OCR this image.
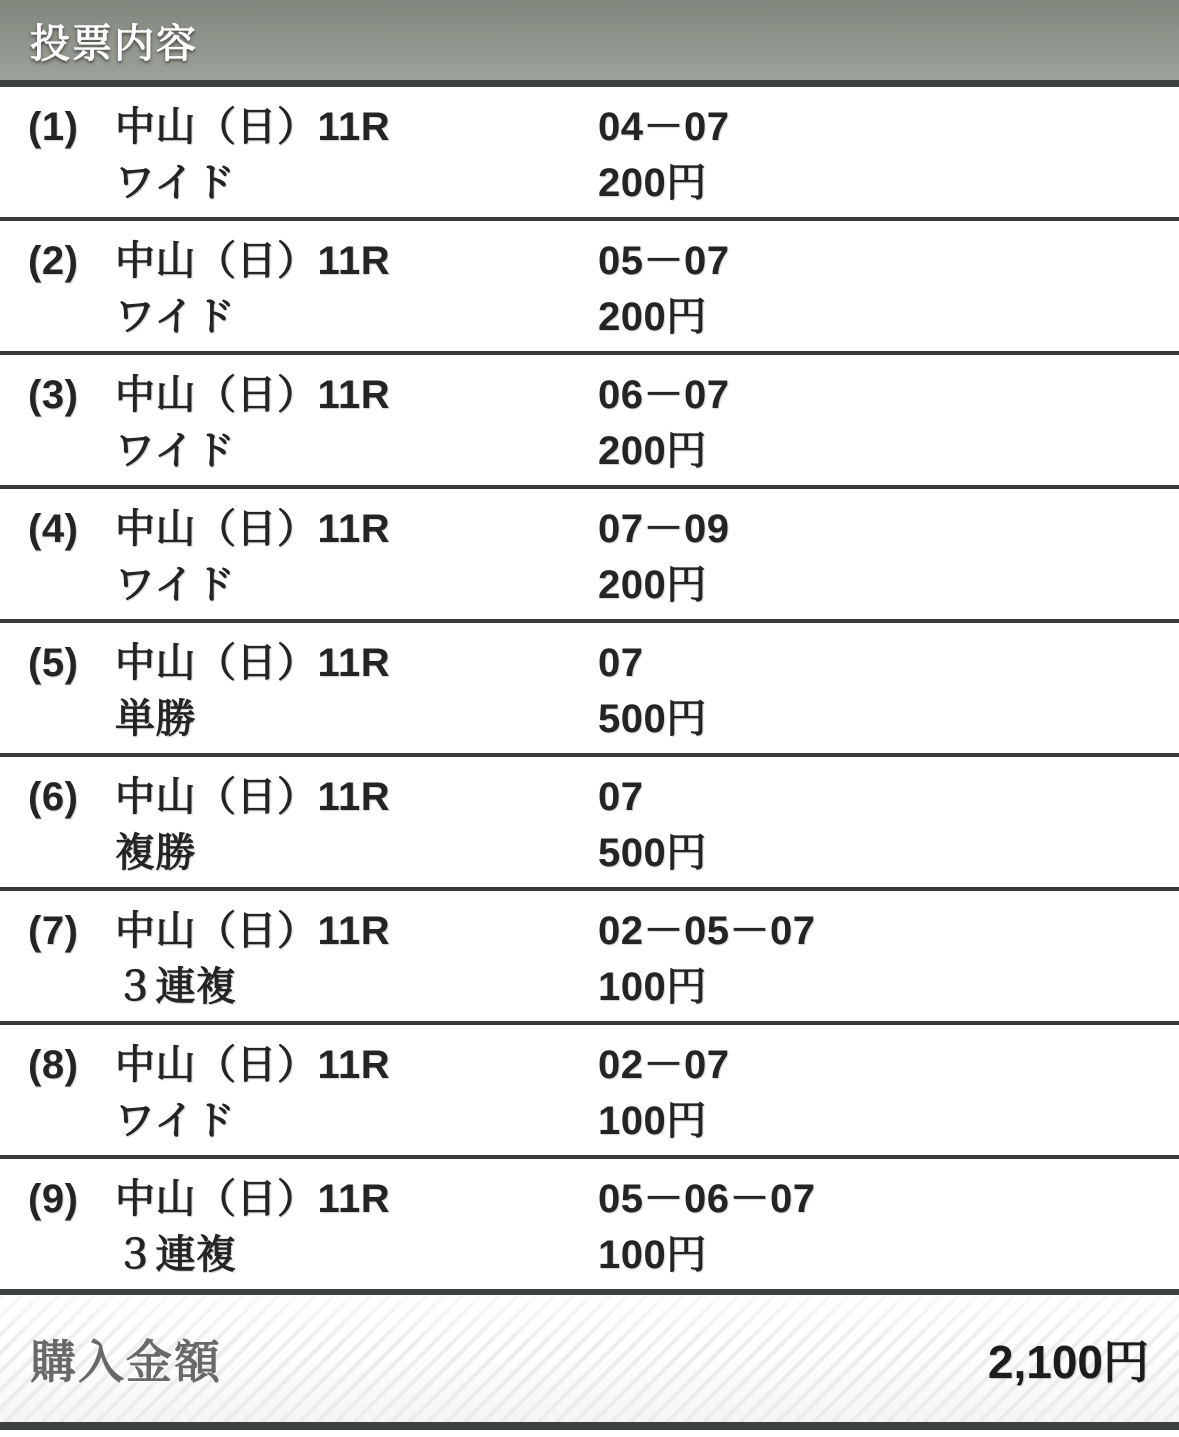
投票内容
(1) 中山（日）11R
ワイド
04－07
200円
(2) 中山（日）11R
ワイド
05－07
200円
(3) 中山（日）11R
ワイド
06－07
200円
(4) 中山（日）11R
ワイド
07－09
200円
(5) 中山（日）11R
単勝
07
500円
(6) 中山（日）11R
複勝
07
500円
(7) 中山（日）11R
３連複
02－05－07
100円
(8) 中山（日）11R
ワイド
02－07
100円
(9) 中山（日）11R
３連複
05－06－07
100円
購入金額	2,100円
